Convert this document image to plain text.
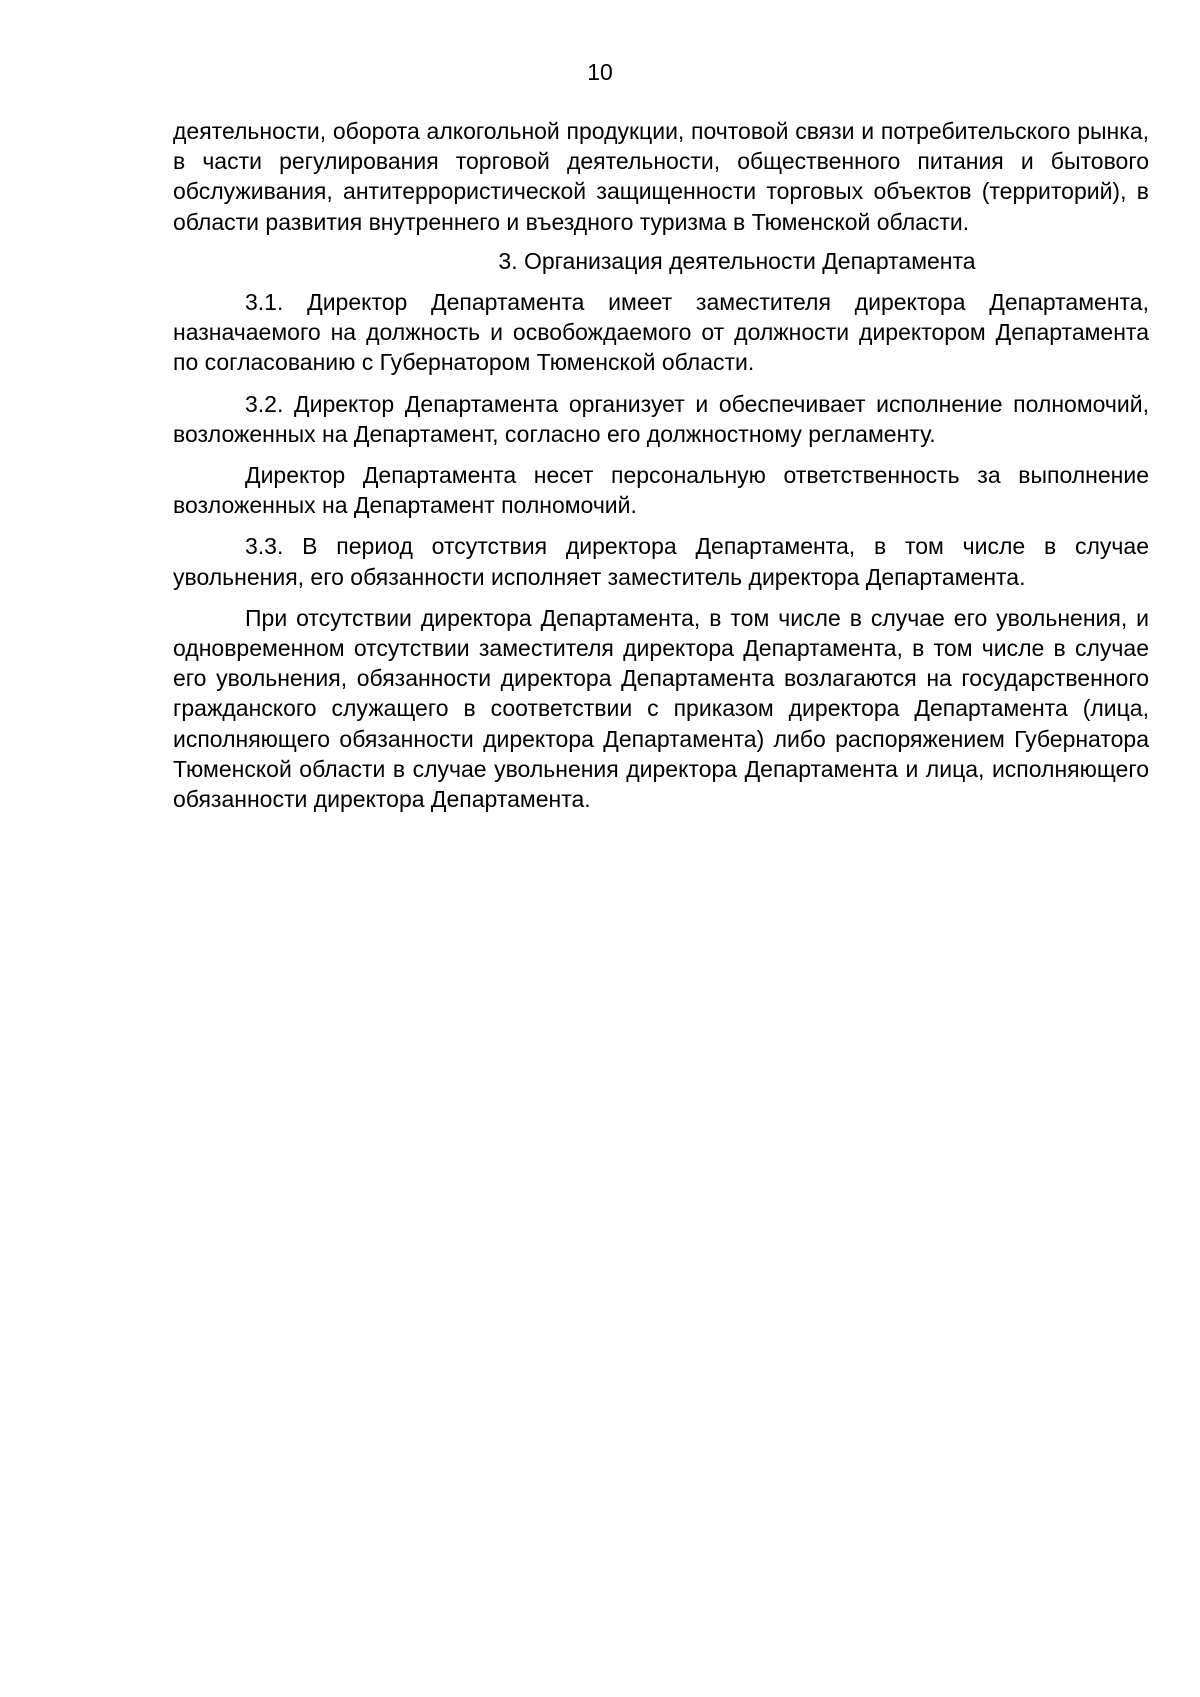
10

деятельности, оборота алкогольной продукции, почтовой связи и потребительского рынка, в части регулирования торговой деятельности, общественного питания и бытового обслуживания, антитеррористической защищенности торговых объектов (территорий), в области развития внутреннего и въездного туризма в Тюменской области.

3. Организация деятельности Департамента

3.1. Директор Департамента имеет заместителя директора Департамента, назначаемого на должность и освобождаемого от должности директором Департамента по согласованию с Губернатором Тюменской области.

3.2. Директор Департамента организует и обеспечивает исполнение полномочий, возложенных на Департамент, согласно его должностному регламенту.

Директор Департамента несет персональную ответственность за выполнение возложенных на Департамент полномочий.

3.3. В период отсутствия директора Департамента, в том числе в случае увольнения, его обязанности исполняет заместитель директора Департамента.

При отсутствии директора Департамента, в том числе в случае его увольнения, и одновременном отсутствии заместителя директора Департамента, в том числе в случае его увольнения, обязанности директора Департамента возлагаются на государственного гражданского служащего в соответствии с приказом директора Департамента (лица, исполняющего обязанности директора Департамента) либо распоряжением Губернатора Тюменской области в случае увольнения директора Департамента и лица, исполняющего обязанности директора Департамента.
